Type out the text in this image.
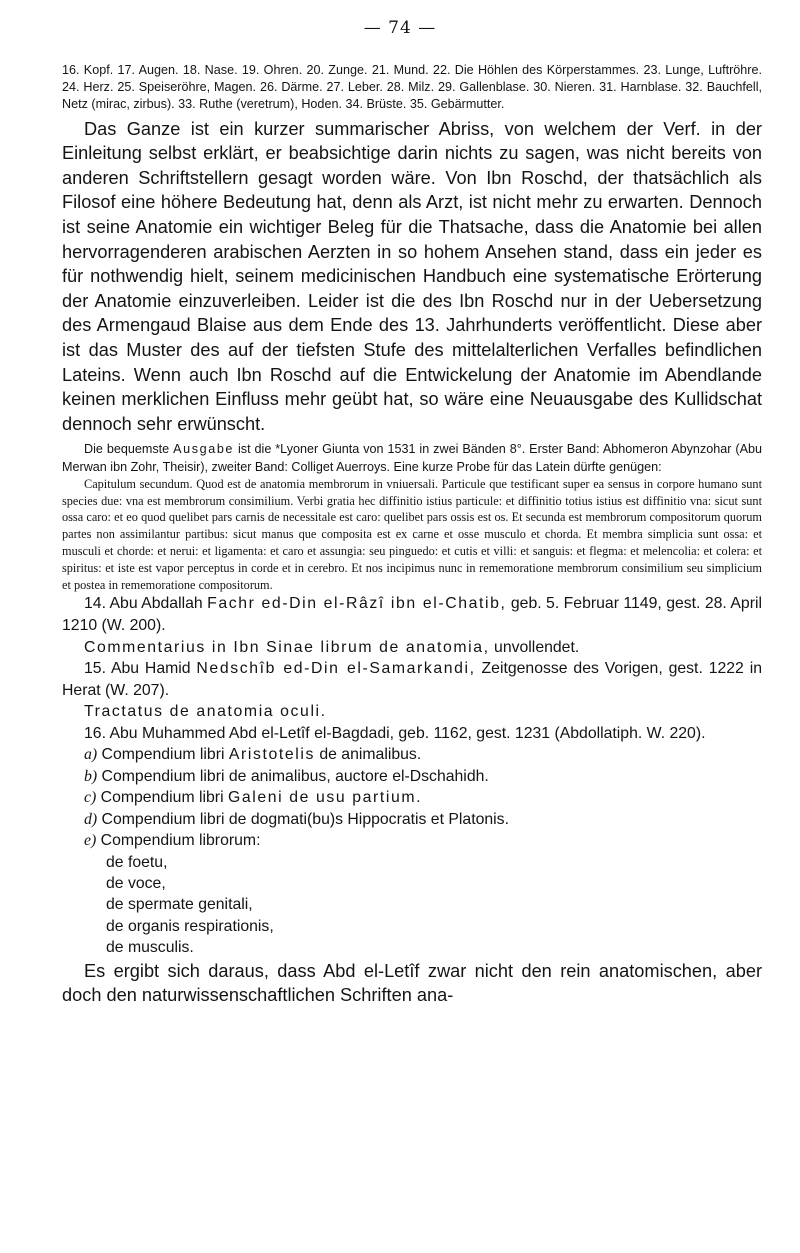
— 74 —

16. Kopf. 17. Augen. 18. Nase. 19. Ohren. 20. Zunge. 21. Mund. 22. Die Höhlen des Körperstammes. 23. Lunge, Luftröhre. 24. Herz. 25. Speiseröhre, Magen. 26. Därme. 27. Leber. 28. Milz. 29. Gallenblase. 30. Nieren. 31. Harnblase. 32. Bauchfell, Netz (mirac, zirbus). 33. Ruthe (veretrum), Hoden. 34. Brüste. 35. Gebärmutter.

Das Ganze ist ein kurzer summarischer Abriss, von welchem der Verf. in der Einleitung selbst erklärt, er beabsichtige darin nichts zu sagen, was nicht bereits von anderen Schriftstellern gesagt worden wäre. Von Ibn Roschd, der thatsächlich als Filosof eine höhere Bedeutung hat, denn als Arzt, ist nicht mehr zu erwarten. Dennoch ist seine Anatomie ein wichtiger Beleg für die Thatsache, dass die Anatomie bei allen hervorragenderen arabischen Aerzten in so hohem Ansehen stand, dass ein jeder es für nothwendig hielt, seinem medicinischen Handbuch eine systematische Erörterung der Anatomie einzuverleiben. Leider ist die des Ibn Roschd nur in der Uebersetzung des Armengaud Blaise aus dem Ende des 13. Jahrhunderts veröffentlicht. Diese aber ist das Muster des auf der tiefsten Stufe des mittelalterlichen Verfalles befindlichen Lateins. Wenn auch Ibn Roschd auf die Entwickelung der Anatomie im Abendlande keinen merklichen Einfluss mehr geübt hat, so wäre eine Neuausgabe des Kullidschat dennoch sehr erwünscht.

Die bequemste Ausgabe ist die *Lyoner Giunta von 1531 in zwei Bänden 8°. Erster Band: Abhomeron Abynzohar (Abu Merwan ibn Zohr, Theisir), zweiter Band: Colliget Auerroys. Eine kurze Probe für das Latein dürfte genügen:

Capitulum secundum. Quod est de anatomia membrorum in vniuersali. Particule que testificant super ea sensus in corpore humano sunt species due: vna est membrorum consimilium. Verbi gratia hec diffinitio istius particule: et diffinitio totius istius est diffinitio vna: sicut sunt ossa caro: et eo quod quelibet pars carnis de necessitale est caro: quelibet pars ossis est os. Et secunda est membrorum compositorum quorum partes non assimilantur partibus: sicut manus que composita est ex carne et osse musculo et chorda. Et membra simplicia sunt ossa: et musculi et chorde: et nerui: et ligamenta: et caro et assungia: seu pinguedo: et cutis et villi: et sanguis: et flegma: et melencolia: et colera: et spiritus: et iste est vapor perceptus in corde et in cerebro. Et nos incipimus nunc in rememoratione membrorum consimilium seu simplicium et postea in rememoratione compositorum.

14. Abu Abdallah Fachr ed-Din el-Râzî ibn el-Chatib, geb. 5. Februar 1149, gest. 28. April 1210 (W. 200).

Commentarius in Ibn Sinae librum de anatomia, unvollendet.

15. Abu Hamid Nedschîb ed-Din el-Samarkandi, Zeitgenosse des Vorigen, gest. 1222 in Herat (W. 207).

Tractatus de anatomia oculi.

16. Abu Muhammed Abd el-Letîf el-Bagdadi, geb. 1162, gest. 1231 (Abdollatiph. W. 220).

a) Compendium libri Aristotelis de animalibus.
b) Compendium libri de animalibus, auctore el-Dschahidh.
c) Compendium libri Galeni de usu partium.
d) Compendium libri de dogmati(bu)s Hippocratis et Platonis.
e) Compendium librorum:
de foetu,
de voce,
de spermate genitali,
de organis respirationis,
de musculis.

Es ergibt sich daraus, dass Abd el-Letîf zwar nicht den rein anatomischen, aber doch den naturwissenschaftlichen Schriften ana-
